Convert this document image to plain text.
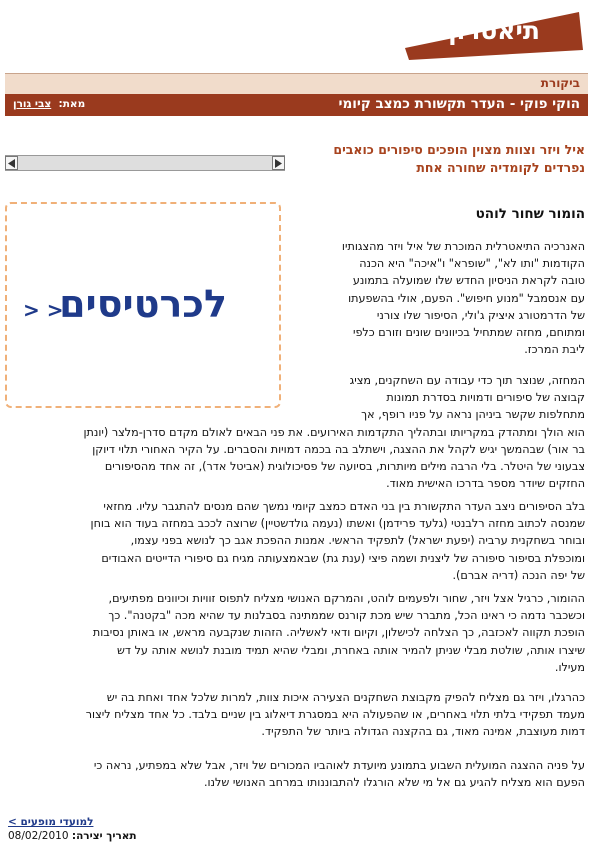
תיאטרון
ביקורת
הוקי פוקי - העדר תקשורת כמצב קיומי
מאת:  צבי גורן
איל ויזר וצוות מצוין הופכים סיפורים כואבים
נפרדים לקומדיה שחורה אחת
לכרטיסים
> >
הומור שחור לוהט
האנרכיה התיאטרלית המוכרת של איל ויזר מהצגותיו
הקודמות "ותו לא", "שופרא" ו"איכה" היא הכנה
טובה לקראת הניסיון החדש שלו שמועלה בתמונע
עם אנסמבל "מנוע חיפוש". הפעם, אולי בהשפעתו
של הדרמטורג איציק ג'ולי, הסיפור שלו צורני
ומתוחם, מחזה שמתחיל בכיוונים שונים וזורם כלפי
ליבת המרכז.
המחזה, שנוצר תוך כדי עבודה עם השחקנים, מציג
קבוצה של סיפורים ודמויות בסדרת תמונות
מתחלפות שקשר ביניהן נראה על פניו רופף, אך
הוא הולך ומתהדק במקריותו ובתהליך התקדמות האירועים. את פני הבאים לאולם מקדם סדרן-מלצר (יונתן
בר אור) שבהמשך יגיש לקהל את ההצגה, וישתלב בה בכמה דמויות והסברים. על הקיר האחורי תלוי דיוקן
צבעוני של היטלר. בלי הרבה מילים מיותרות, בסיועה של פסיכולוגית (אביטל אדר), זה אחד מהסיפורים
החזקים שיודר מספר בדרכו האישית מאוד.
בלב הסיפורים ניצב העדר התקשורת בין בני האדם כמצב קיומי נמשך שהם מנסים להתגבר עליו. מחזאי
שמנסה לכתוב מחזה רלבנטי (גלעד פרידמן) ואשתו (נעמה גולדשטיין) שרוצה לככב במחזה בעוד הוא בוחן
ובוחר בשחקנית ערביה (יפעת ישראל) לתפקיד הראשי. אמנות ההפכת אגב כך לנושא בפני עצמו,
ומוכפלת בסיפור סיפורה של ליצנית ושמה פיצי (ענת גת) שבאמצעותה מגיח גם סיפורי הדייטים האבודים
של יפה הנכה (דריה אברם).
ההומור, כרגיל אצל ויזר, שחור ולפעמים לוהט, והמרקם האנושי מצליח לתפוס זוויות וכיוונים מפתיעים,
וכשכבר נדמה כי ראינו הכל, מתברר שיש מכת קורנס שממתינה בסבלנות עד שהיא מכה "בקטנה". כך
הופכת תקווה לאכזבה, כך הצלחה לכישלון, וקיום ודאי לאשליה. הזהות שנקבעה מראש, או באותן נסיבות
שיצרו אותה, שולטת מבלי שניתן להמיר אותה באחרת, ומבלי שהיא תמיד מובנת לנושא אותה על דש
מעילו.
כהרגלו, ויזר גם מצליח להפיק מקבוצת השחקנים הצעירה איכות צוות, למרות שלכל אחד ואחת בה יש
מעמד תפקידי בלתי תלוי באחרים, או שהפעולה היא במסגרת דיאלוג בין שניים בלבד. כל אחד מצליח ליצור
דמות מעוצבת, אמינה מאוד, גם בהקצנה הגדולה ביותר של התפקיד.
על פניה ההצגה המועלית השבוע בתמונע מיועדת לאוהביו המכורים של ויזר, אבל שלא במפתיע, נראה כי
הפעם הוא מצליח להגיע גם אל מי שלא הורגלו להתבוננותו במרחב האנושי שלנו.
למועדי מופעים >
תאריך יצירה: 08/02/2010
